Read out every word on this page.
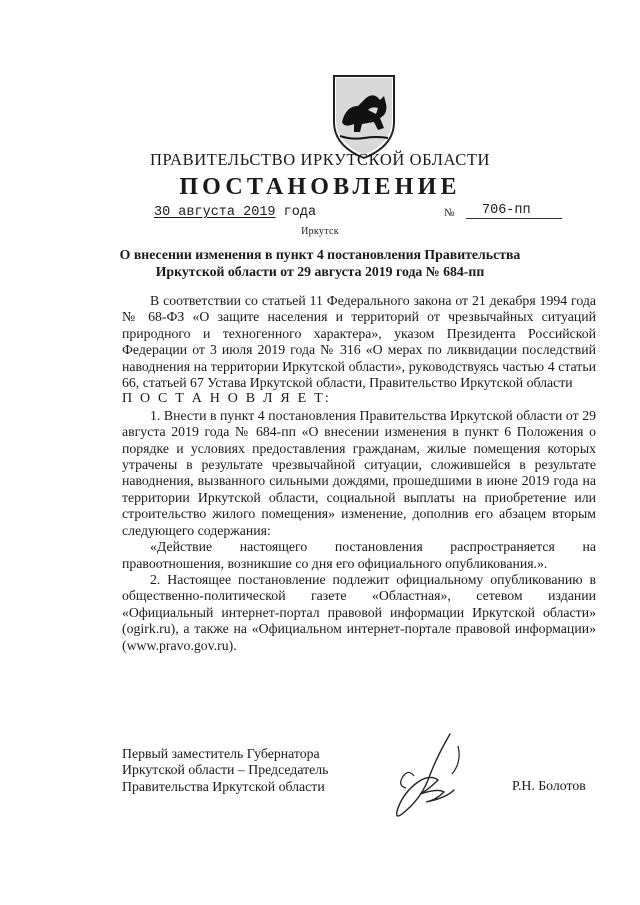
ПРАВИТЕЛЬСТВО ИРКУТСКОЙ ОБЛАСТИ
ПОСТАНОВЛЕНИЕ
30 августа 2019 года	№	706-пп
Иркутск
О внесении изменения в пункт 4 постановления Правительства
Иркутской области от 29 августа 2019 года № 684-пп

В соответствии со статьей 11 Федерального закона от 21 декабря 1994 года № 68-ФЗ «О защите населения и территорий от чрезвычайных ситуаций природного и техногенного характера», указом Президента Российской Федерации от 3 июля 2019 года № 316 «О мерах по ликвидации последствий наводнения на территории Иркутской области», руководствуясь частью 4 статьи 66, статьей 67 Устава Иркутской области, Правительство Иркутской области

П О С Т А Н О В Л Я Е Т:

1. Внести в пункт 4 постановления Правительства Иркутской области от 29 августа 2019 года № 684-пп «О внесении изменения в пункт 6 Положения о порядке и условиях предоставления гражданам, жилые помещения которых утрачены в результате чрезвычайной ситуации, сложившейся в результате наводнения, вызванного сильными дождями, прошедшими в июне 2019 года на территории Иркутской области, социальной выплаты на приобретение или строительство жилого помещения» изменение, дополнив его абзацем вторым следующего содержания:

«Действие настоящего постановления распространяется на правоотношения, возникшие со дня его официального опубликования.».

2. Настоящее постановление подлежит официальному опубликованию в общественно-политической газете «Областная», сетевом издании «Официальный интернет-портал правовой информации Иркутской области» (ogirk.ru), а также на «Официальном интернет-портале правовой информации» (www.pravo.gov.ru).

Первый заместитель Губернатора
Иркутской области – Председатель
Правительства Иркутской области	Р.Н. Болотов
